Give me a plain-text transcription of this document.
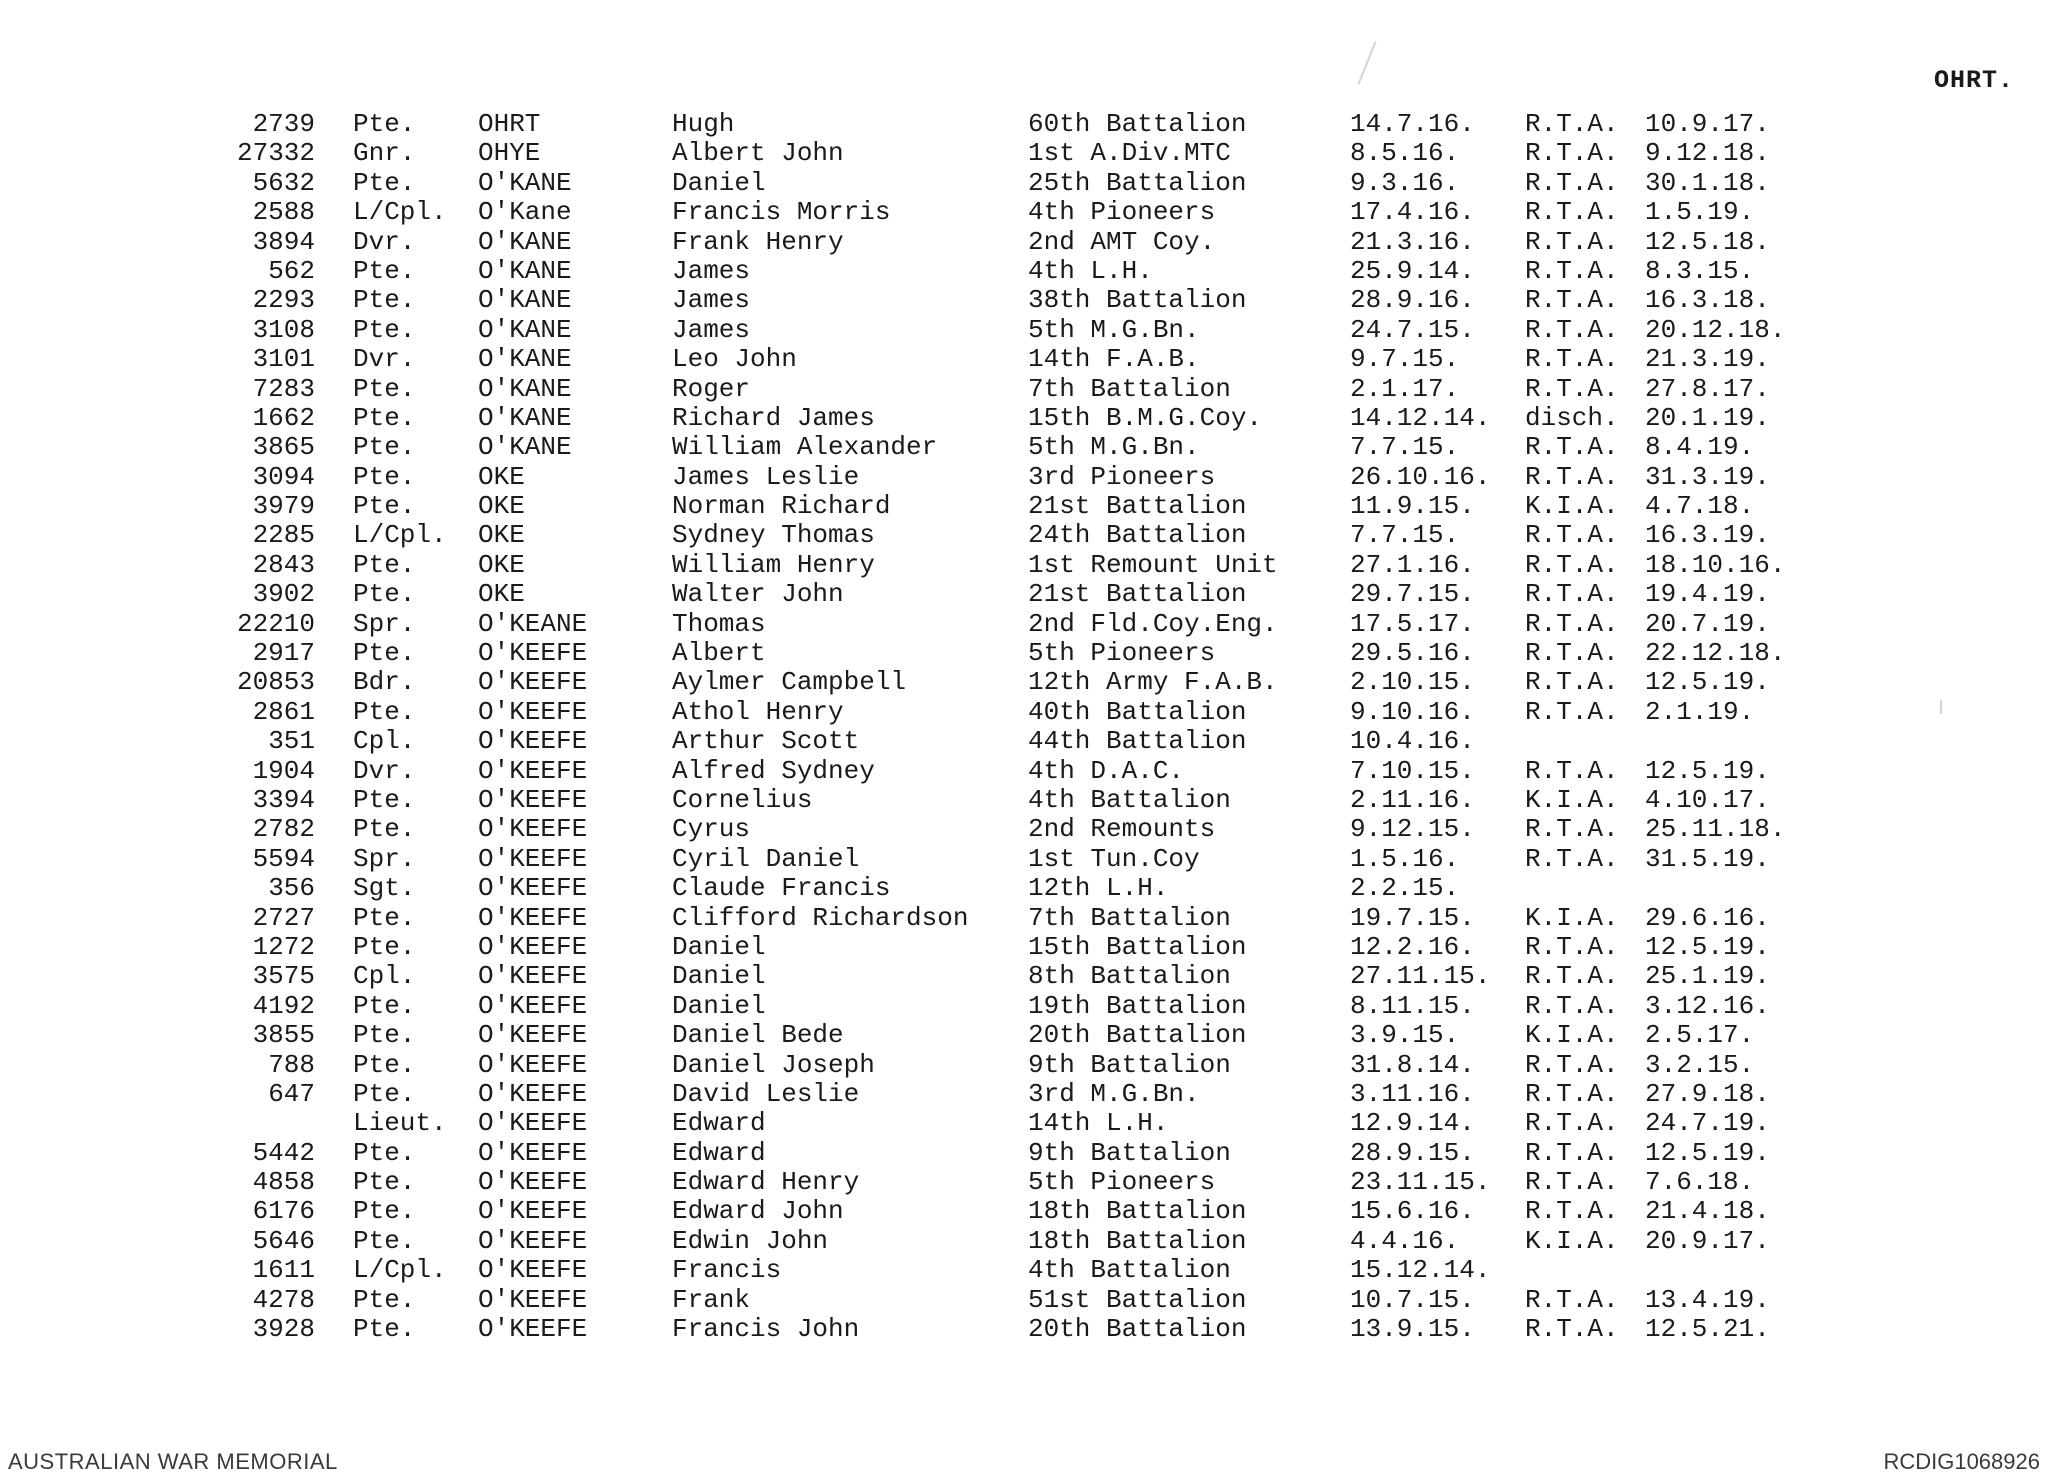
OHRT.
2739 Pte. OHRT	Hugh	60th Battalion	14.7.16. R.T.A. 10.9.17.
27332 Gnr. OHYE	Albert John	1st A.Div.MTC	8.5.16.	R.T.A. 9.12.18.
5632 Pte. O'KANE	Daniel	25th Battalion	9.3.16.	R.T.A. 30.1.18.
2588 L/Cpl. O'Kane	Francis Morris	4th Pioneers	17.4.16. R.T.A. 1.5.19.
3894 Dvr. O'KANE	Frank Henry	2nd AMT Coy.	21.3.16. R.T.A. 12.5.18.
562 Pte. O'KANE	James	4th L.H.	25.9.14. R.T.A. 8.3.15.
2293 Pte. O'KANE	James	38th Battalion	28.9.16. R.T.A. 16.3.18.
3108 Pte. O'KANE	James	5th M.G.Bn.	24.7.15. R.T.A. 20.12.18.
3101 Dvr. O'KANE	Leo John	14th F.A.B.	9.7.15.	R.T.A. 21.3.19.
7283 Pte. O'KANE	Roger	7th Battalion	2.1.17.	R.T.A. 27.8.17.
1662 Pte. O'KANE	Richard James	15th B.M.G.Coy.	14.12.14. disch. 20.1.19.
3865 Pte. O'KANE	William Alexander	5th M.G.Bn.	7.7.15.	R.T.A. 8.4.19.
3094 Pte. OKE	James Leslie	3rd Pioneers	26.10.16. R.T.A. 31.3.19.
3979 Pte. OKE	Norman Richard	21st Battalion	11.9.15. K.I.A. 4.7.18.
2285 L/Cpl. OKE	Sydney Thomas	24th Battalion	7.7.15.	R.T.A. 16.3.19.
2843 Pte. OKE	William Henry	1st Remount Unit	27.1.16. R.T.A. 18.10.16.
3902 Pte. OKE	Walter John	21st Battalion	29.7.15. R.T.A. 19.4.19.
22210 Spr. O'KEANE	Thomas	2nd Fld.Coy.Eng.	17.5.17. R.T.A. 20.7.19.
2917 Pte. O'KEEFE	Albert	5th Pioneers	29.5.16. R.T.A. 22.12.18.
20853 Bdr. O'KEEFE	Aylmer Campbell	12th Army F.A.B.	2.10.15. R.T.A. 12.5.19.
2861 Pte. O'KEEFE	Athol Henry	40th Battalion	9.10.16. R.T.A. 2.1.19.
351 Cpl. O'KEEFE	Arthur Scott	44th Battalion	10.4.16.
1904 Dvr. O'KEEFE	Alfred Sydney	4th D.A.C.	7.10.15. R.T.A. 12.5.19.
3394 Pte. O'KEEFE	Cornelius	4th Battalion	2.11.16. K.I.A. 4.10.17.
2782 Pte. O'KEEFE	Cyrus	2nd Remounts	9.12.15. R.T.A. 25.11.18.
5594 Spr. O'KEEFE	Cyril Daniel	1st Tun.Coy	1.5.16.	R.T.A. 31.5.19.
356 Sgt. O'KEEFE	Claude Francis	12th L.H.	2.2.15.
2727 Pte. O'KEEFE	Clifford Richardson 7th Battalion	19.7.15. K.I.A. 29.6.16.
1272 Pte. O'KEEFE	Daniel	15th Battalion	12.2.16. R.T.A. 12.5.19.
3575 Cpl. O'KEEFE	Daniel	8th Battalion	27.11.15. R.T.A. 25.1.19.
4192 Pte. O'KEEFE	Daniel	19th Battalion	8.11.15. R.T.A. 3.12.16.
3855 Pte. O'KEEFE	Daniel Bede	20th Battalion	3.9.15.	K.I.A. 2.5.17.
788 Pte. O'KEEFE	Daniel Joseph	9th Battalion	31.8.14. R.T.A. 3.2.15.
647 Pte. O'KEEFE	David Leslie	3rd M.G.Bn.	3.11.16. R.T.A. 27.9.18.
Lieut. O'KEEFE	Edward	14th L.H.	12.9.14. R.T.A. 24.7.19.
5442 Pte. O'KEEFE	Edward	9th Battalion	28.9.15. R.T.A. 12.5.19.
4858 Pte. O'KEEFE	Edward Henry	5th Pioneers	23.11.15. R.T.A. 7.6.18.
6176 Pte. O'KEEFE	Edward John	18th Battalion	15.6.16. R.T.A. 21.4.18.
5646 Pte. O'KEEFE	Edwin John	18th Battalion	4.4.16.	K.I.A. 20.9.17.
1611 L/Cpl. O'KEEFE	Francis	4th Battalion	15.12.14.
4278 Pte. O'KEEFE	Frank	51st Battalion	10.7.15. R.T.A. 13.4.19.
3928 Pte. O'KEEFE	Francis John	20th Battalion	13.9.15. R.T.A. 12.5.21.
AUSTRALIAN WAR MEMORIAL	RCDIG1068926
